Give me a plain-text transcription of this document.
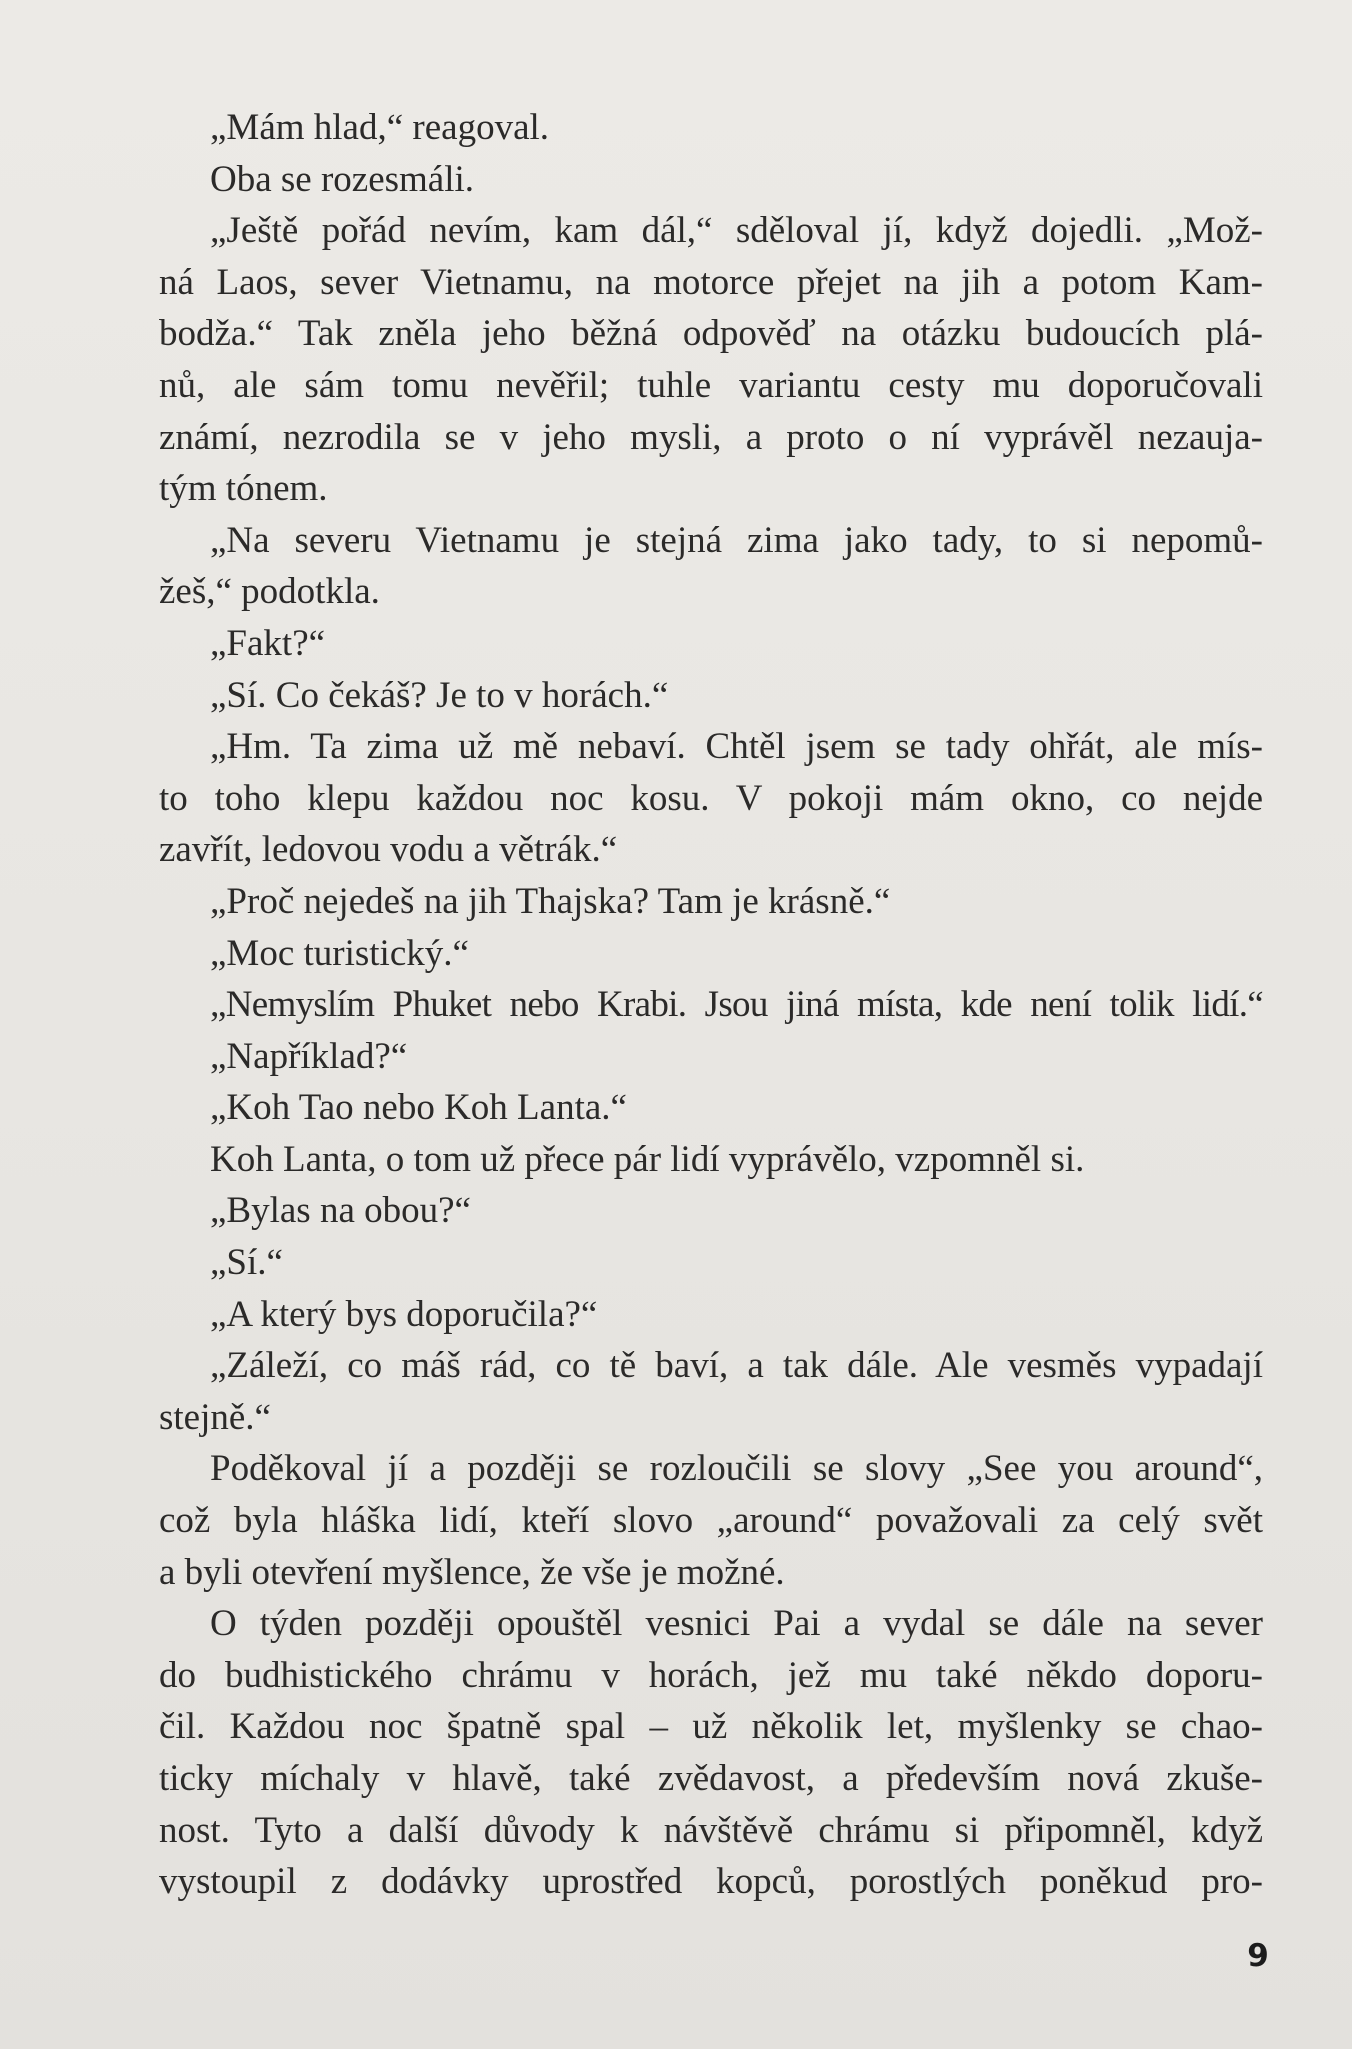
„Mám hlad,“ reagoval.
Oba se rozesmáli.
„Ještě pořád nevím, kam dál,“ sděloval jí, když dojedli. „Mož-
ná Laos, sever Vietnamu, na motorce přejet na jih a potom Kam-
bodža.“ Tak zněla jeho běžná odpověď na otázku budoucích plá-
nů, ale sám tomu nevěřil; tuhle variantu cesty mu doporučovali
známí, nezrodila se v jeho mysli, a proto o ní vyprávěl nezauja-
tým tónem.
„Na severu Vietnamu je stejná zima jako tady, to si nepomů-
žeš,“ podotkla.
„Fakt?“
„Sí. Co čekáš? Je to v horách.“
„Hm. Ta zima už mě nebaví. Chtěl jsem se tady ohřát, ale mís-
to toho klepu každou noc kosu. V pokoji mám okno, co nejde
zavřít, ledovou vodu a větrák.“
„Proč nejedeš na jih Thajska? Tam je krásně.“
„Moc turistický.“
„Nemyslím Phuket nebo Krabi. Jsou jiná místa, kde není tolik lidí.“
„Například?“
„Koh Tao nebo Koh Lanta.“
Koh Lanta, o tom už přece pár lidí vyprávělo, vzpomněl si.
„Bylas na obou?“
„Sí.“
„A který bys doporučila?“
„Záleží, co máš rád, co tě baví, a tak dále. Ale vesměs vypadají
stejně.“
Poděkoval jí a později se rozloučili se slovy „See you around“,
což byla hláška lidí, kteří slovo „around“ považovali za celý svět
a byli otevření myšlence, že vše je možné.
O týden později opouštěl vesnici Pai a vydal se dále na sever
do budhistického chrámu v horách, jež mu také někdo doporu-
čil. Každou noc špatně spal – už několik let, myšlenky se chao-
ticky míchaly v hlavě, také zvědavost, a především nová zkuše-
nost. Tyto a další důvody k návštěvě chrámu si připomněl, když
vystoupil z dodávky uprostřed kopců, porostlých poněkud pro-
9
